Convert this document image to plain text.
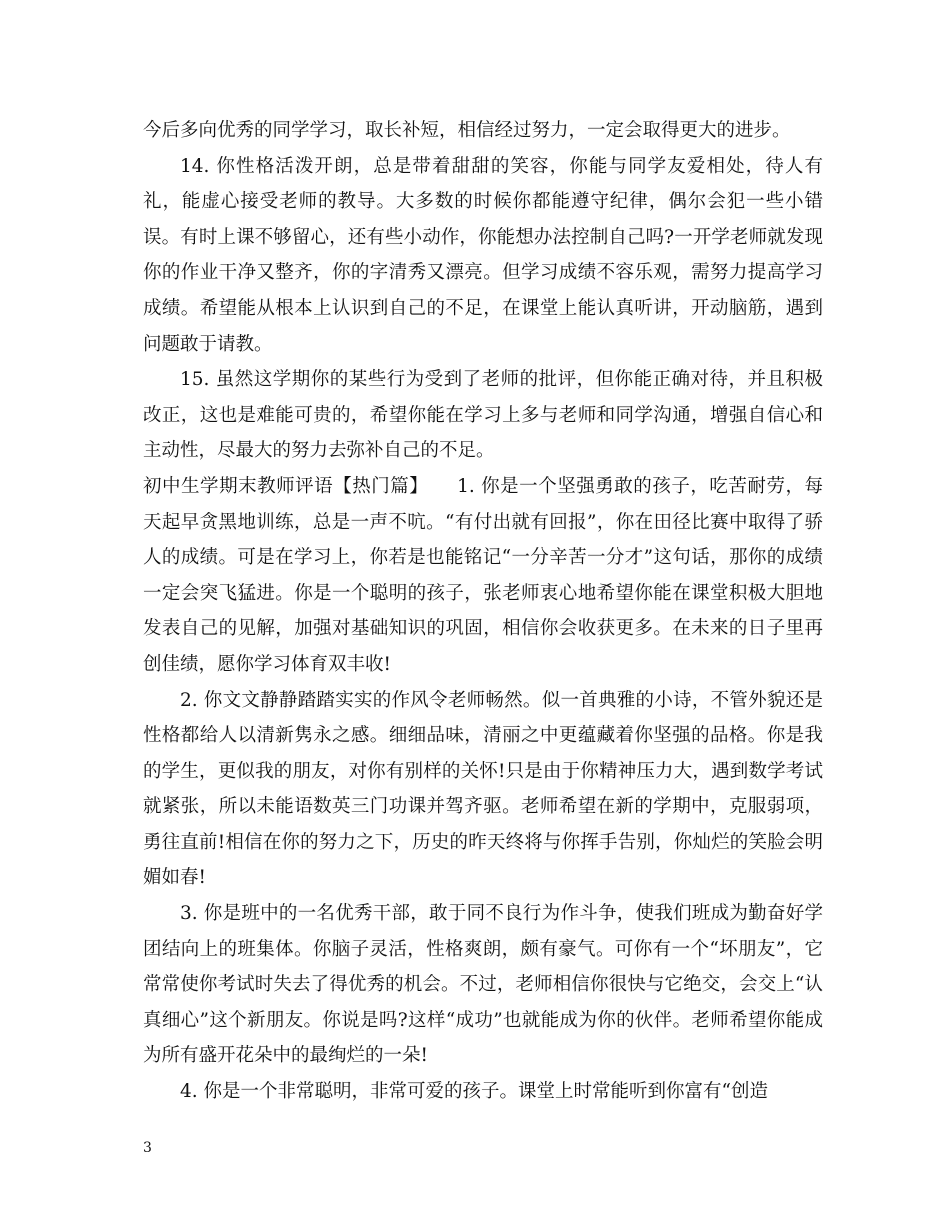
今后多向优秀的同学学习，取长补短，相信经过努力，一定会取得更大的进步。

14. 你性格活泼开朗，总是带着甜甜的笑容，你能与同学友爱相处，待人有礼，能虚心接受老师的教导。大多数的时候你都能遵守纪律，偶尔会犯一些小错误。有时上课不够留心，还有些小动作，你能想办法控制自己吗?一开学老师就发现你的作业干净又整齐，你的字清秀又漂亮。但学习成绩不容乐观，需努力提高学习成绩。希望能从根本上认识到自己的不足，在课堂上能认真听讲，开动脑筋，遇到问题敢于请教。

15. 虽然这学期你的某些行为受到了老师的批评，但你能正确对待，并且积极改正，这也是难能可贵的，希望你能在学习上多与老师和同学沟通，增强自信心和主动性，尽最大的努力去弥补自己的不足。

初中生学期末教师评语【热门篇】　　1. 你是一个坚强勇敢的孩子，吃苦耐劳，每天起早贪黑地训练，总是一声不吭。“有付出就有回报”，你在田径比赛中取得了骄人的成绩。可是在学习上，你若是也能铭记“一分辛苦一分才”这句话，那你的成绩一定会突飞猛进。你是一个聪明的孩子，张老师衷心地希望你能在课堂积极大胆地发表自己的见解，加强对基础知识的巩固，相信你会收获更多。在未来的日子里再创佳绩，愿你学习体育双丰收!

2. 你文文静静踏踏实实的作风令老师畅然。似一首典雅的小诗，不管外貌还是性格都给人以清新隽永之感。细细品味，清丽之中更蕴藏着你坚强的品格。你是我的学生，更似我的朋友，对你有别样的关怀!只是由于你精神压力大，遇到数学考试就紧张，所以未能语数英三门功课并驾齐驱。老师希望在新的学期中，克服弱项，勇往直前!相信在你的努力之下，历史的昨天终将与你挥手告别，你灿烂的笑脸会明媚如春!

3. 你是班中的一名优秀干部，敢于同不良行为作斗争，使我们班成为勤奋好学团结向上的班集体。你脑子灵活，性格爽朗，颇有豪气。可你有一个“坏朋友”，它常常使你考试时失去了得优秀的机会。不过，老师相信你很快与它绝交，会交上“认真细心”这个新朋友。你说是吗?这样“成功”也就能成为你的伙伴。老师希望你能成为所有盛开花朵中的最绚烂的一朵!

4. 你是一个非常聪明，非常可爱的孩子。课堂上时常能听到你富有“创造

3
